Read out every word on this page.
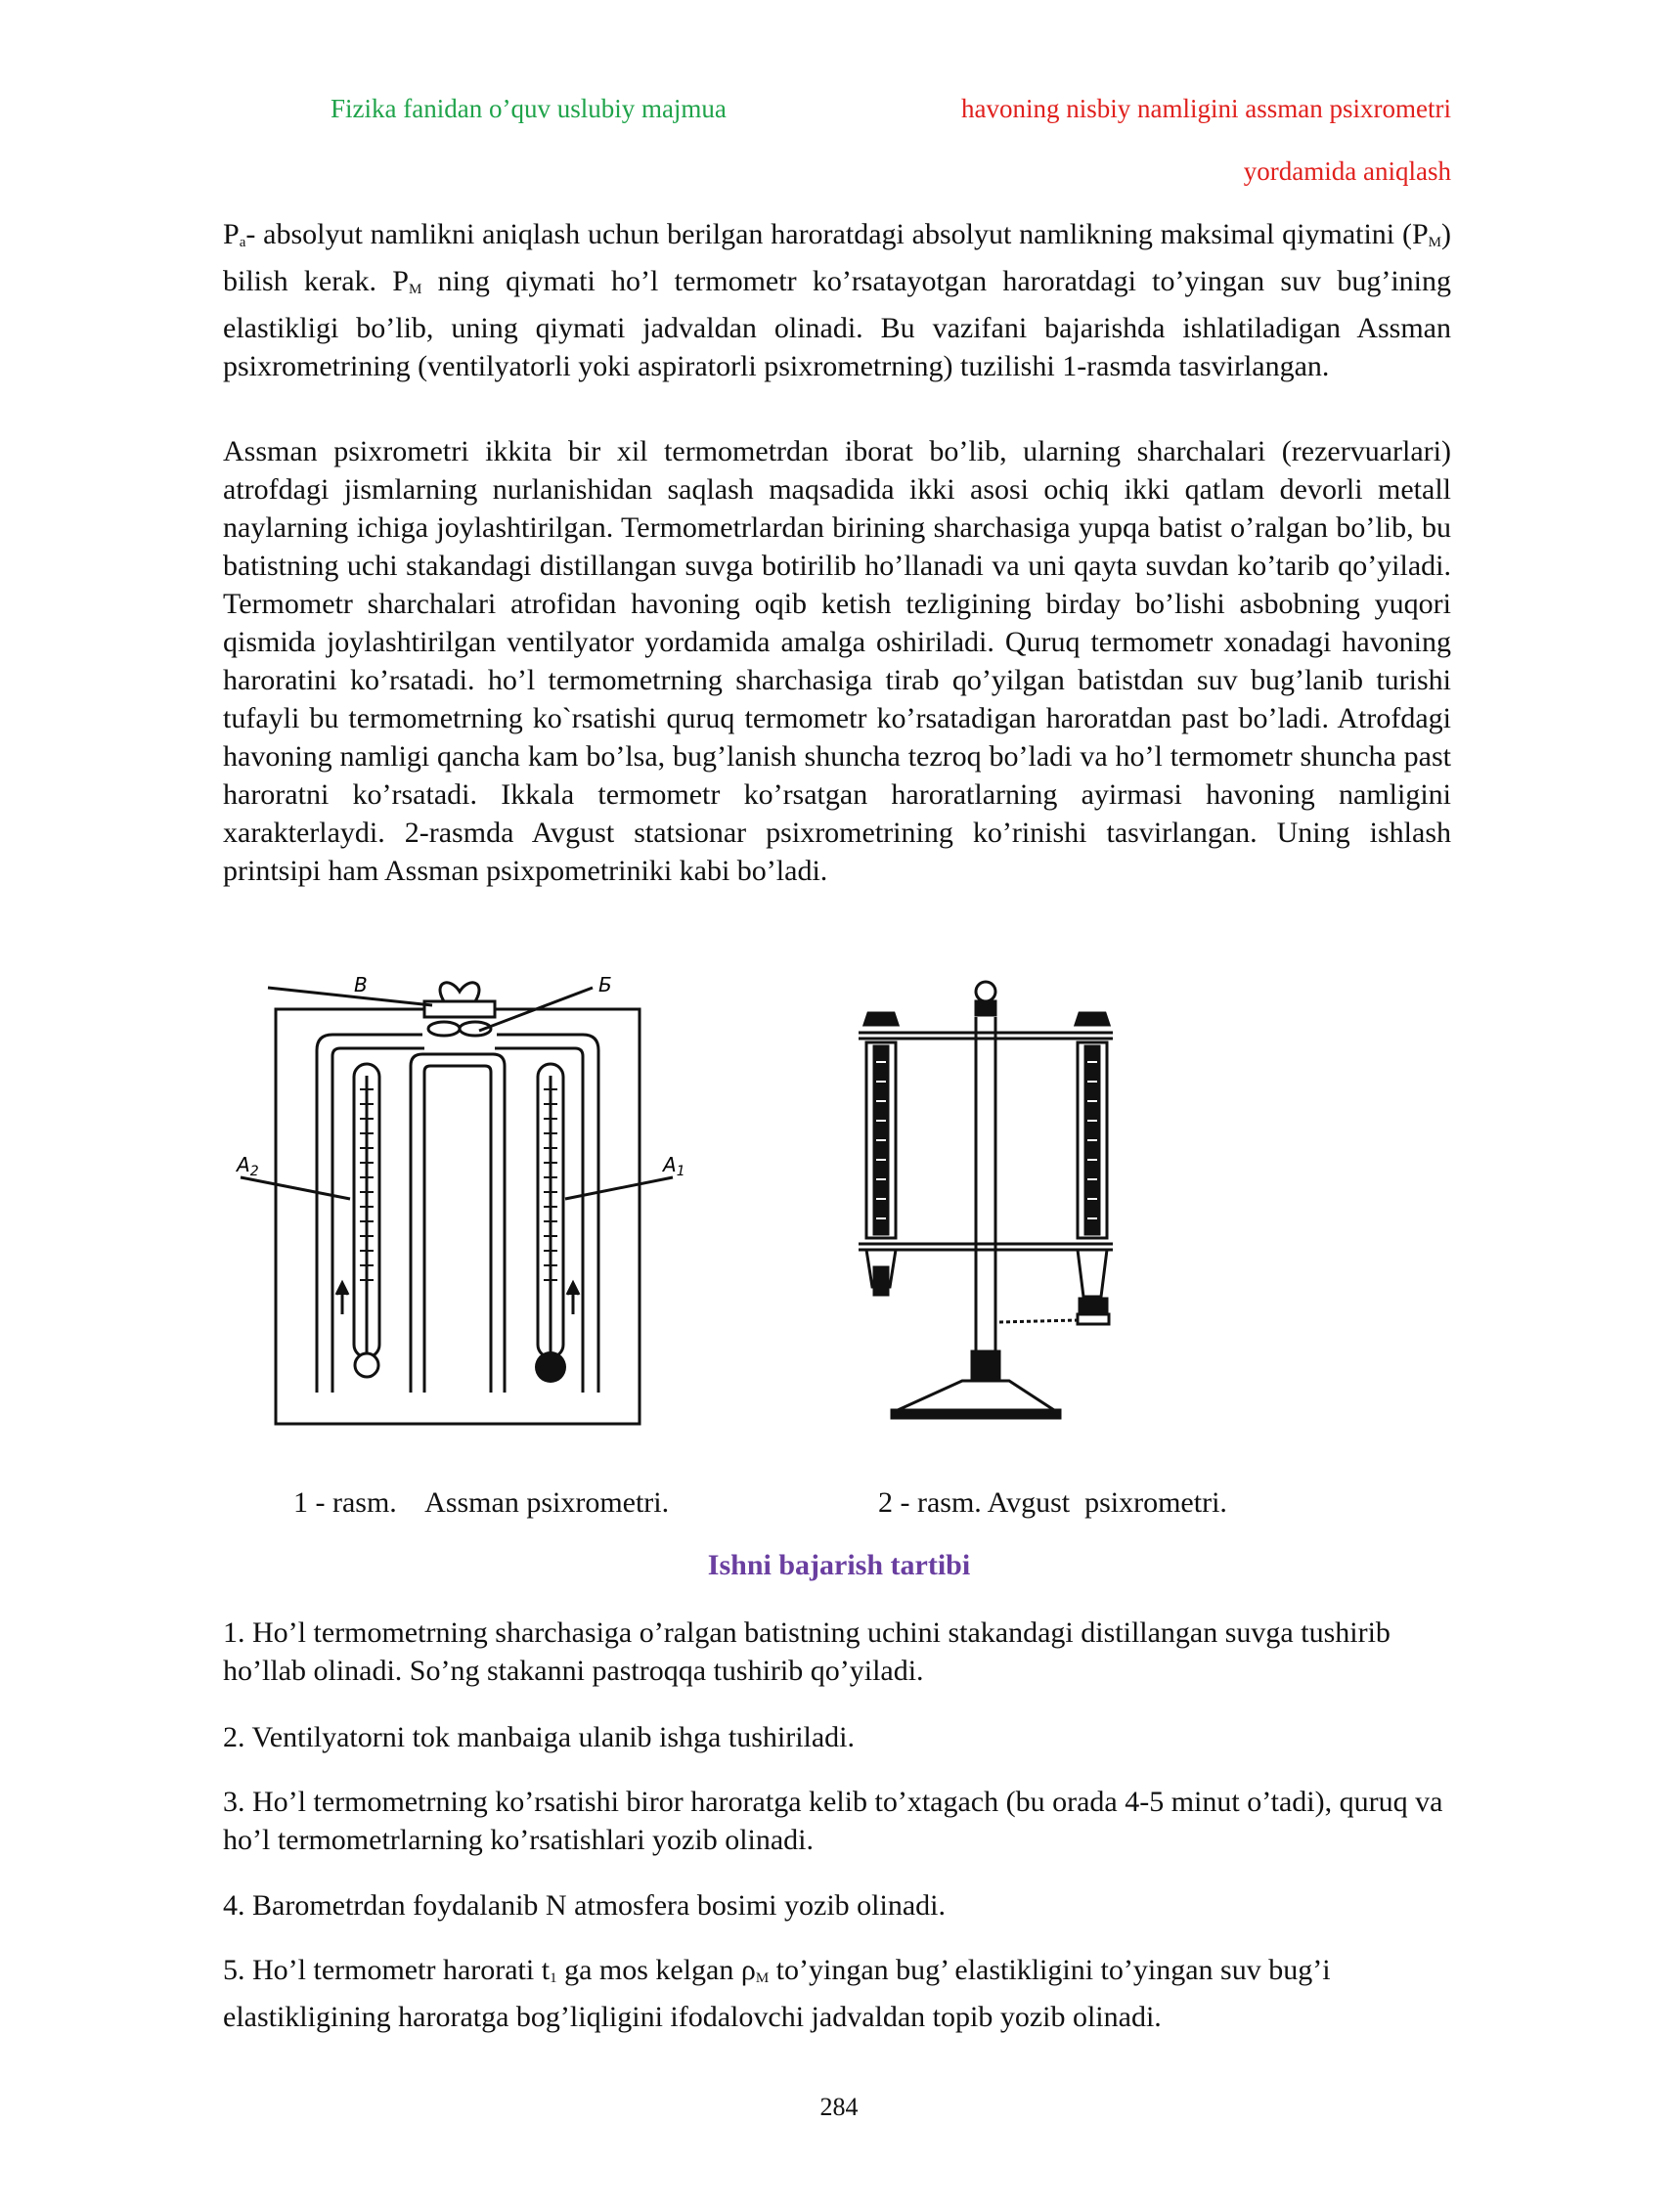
Fizika fanidan o’quv uslubiy majmua	havoning nisbiy namligini assman psixrometri
yordamida aniqlash

$P_a-$ absolyut namlikni aniqlash uchun berilgan haroratdagi absolyut namlikning maksimal qiymatini $(P_M)$ bilish kerak. $P_M$ ning qiymati ho’l termometr ko’rsatayotgan haroratdagi to’yingan suv bug’ining elastikligi bo’lib, uning qiymati jadvaldan olinadi. Bu vazifani bajarishda ishlatiladigan Assman psixrometrining (ventilyatorli yoki aspiratorli psixrometrning) tuzilishi 1-rasmda tasvirlangan.

Assman psixrometri ikkita bir xil termometrdan iborat bo’lib, ularning sharchalari (rezervuarlari) atrofdagi jismlarning nurlanishidan saqlash maqsadida ikki asosi ochiq ikki qatlam devorli metall naylarning ichiga joylashtirilgan. Termometrlardan birining sharchasiga yupqa batist o’ralgan bo’lib, bu batistning uchi stakandagi distillangan suvga botirilib ho’llanadi va uni qayta suvdan ko’tarib qo’yiladi. Termometr sharchalari atrofidan havoning oqib ketish tezligining birday bo’lishi asbobning yuqori qismida joylashtirilgan ventilyator yordamida amalga oshiriladi. Quruq termometr xonadagi havoning haroratini ko’rsatadi. ho’l termometrning sharchasiga tirab qo’yilgan batistdan suv bug’lanib turishi tufayli bu termometrning ko`rsatishi quruq termometr ko’rsatadigan haroratdan past bo’ladi. Atrofdagi havoning namligi qancha kam bo’lsa, bug’lanish shuncha tezroq bo’ladi va ho’l termometr shuncha past haroratni ko’rsatadi. Ikkala termometr ko’rsatgan haroratlarning ayirmasi havoning namligini xarakterlaydi. 2-rasmda Avgust statsionar psixrometrining ko’rinishi tasvirlangan. Uning ishlash printsipi ham Assman psixpometriniki kabi bo’ladi.

B	Б
$A_2$	$A_1$
1 - rasm.    Assman psixrometri.	2 - rasm. Avgust  psixrometri.
Ishni bajarish tartibi

1. Ho’l termometrning sharchasiga o’ralgan batistning uchini stakandagi distillangan suvga tushirib ho’llab olinadi. So’ng stakanni pastroqqa tushirib qo’yiladi.

2. Ventilyatorni tok manbaiga ulanib ishga tushiriladi.

3. Ho’l termometrning ko’rsatishi biror haroratga kelib to’xtagach (bu orada 4-5 minut o’tadi), quruq va ho’l termometrlarning ko’rsatishlari yozib olinadi.

4. Barometrdan foydalanib N atmosfera bosimi yozib olinadi.

5. Ho’l termometr harorati $t_1$ ga mos kelgan $\rho_M$ to’yingan bug’ elastikligini to’yingan suv bug’i elastikligining haroratga bog’liqligini ifodalovchi jadvaldan topib yozib olinadi.

284
